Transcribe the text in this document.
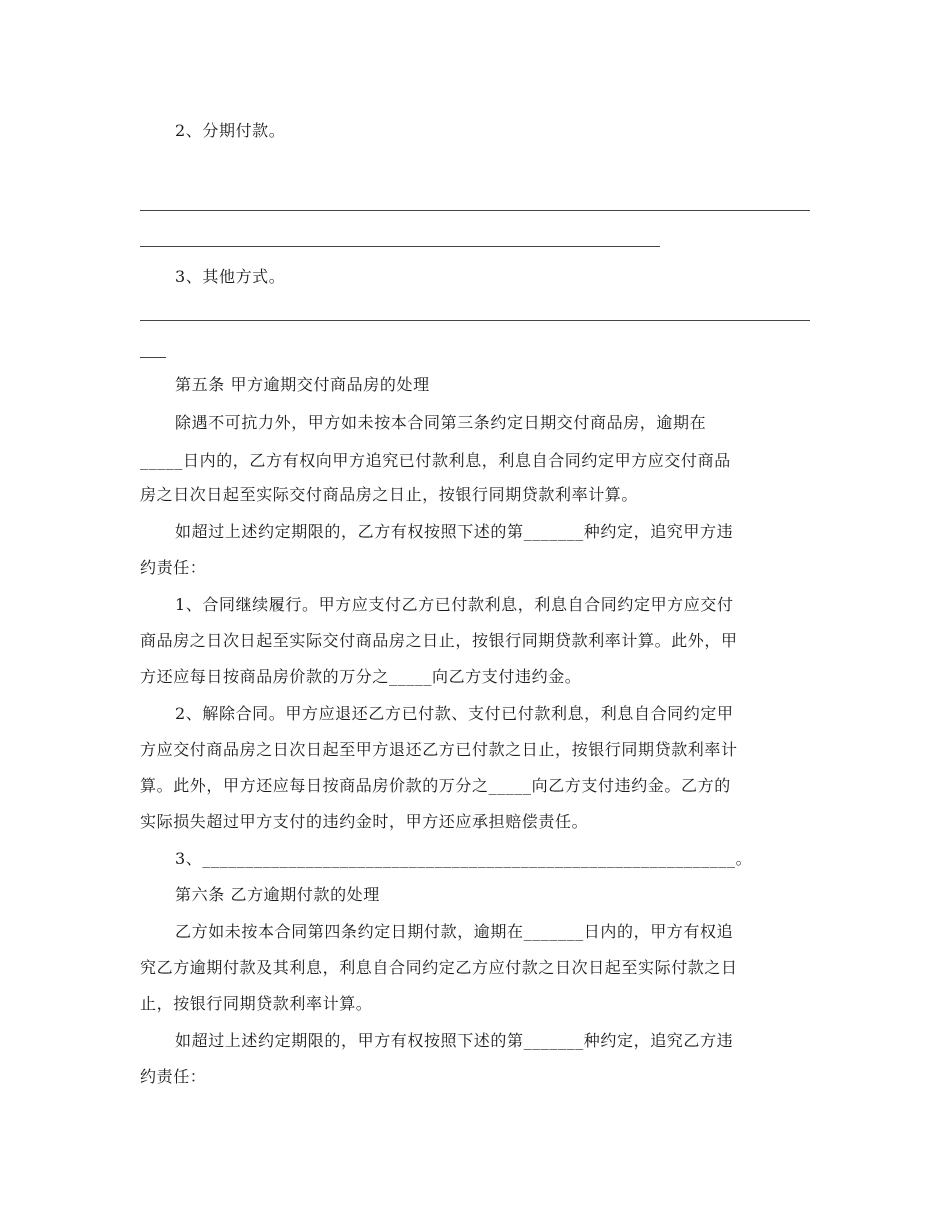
2、分期付款。

3、其他方式。

第五条 甲方逾期交付商品房的处理

除遇不可抗力外，甲方如未按本合同第三条约定日期交付商品房，逾期在

_____日内的，乙方有权向甲方追究已付款利息，利息自合同约定甲方应交付商品

房之日次日起至实际交付商品房之日止，按银行同期贷款利率计算。

如超过上述约定期限的，乙方有权按照下述的第_______种约定，追究甲方违

约责任：

1、合同继续履行。甲方应支付乙方已付款利息，利息自合同约定甲方应交付

商品房之日次日起至实际交付商品房之日止，按银行同期贷款利率计算。此外，甲

方还应每日按商品房价款的万分之_____向乙方支付违约金。

2、解除合同。甲方应退还乙方已付款、支付已付款利息，利息自合同约定甲

方应交付商品房之日次日起至甲方退还乙方已付款之日止，按银行同期贷款利率计

算。此外，甲方还应每日按商品房价款的万分之_____向乙方支付违约金。乙方的

实际损失超过甲方支付的违约金时，甲方还应承担赔偿责任。

3、______________________________________________________________。

第六条 乙方逾期付款的处理

乙方如未按本合同第四条约定日期付款，逾期在_______日内的，甲方有权追

究乙方逾期付款及其利息，利息自合同约定乙方应付款之日次日起至实际付款之日

止，按银行同期贷款利率计算。

如超过上述约定期限的，甲方有权按照下述的第_______种约定，追究乙方违

约责任：
